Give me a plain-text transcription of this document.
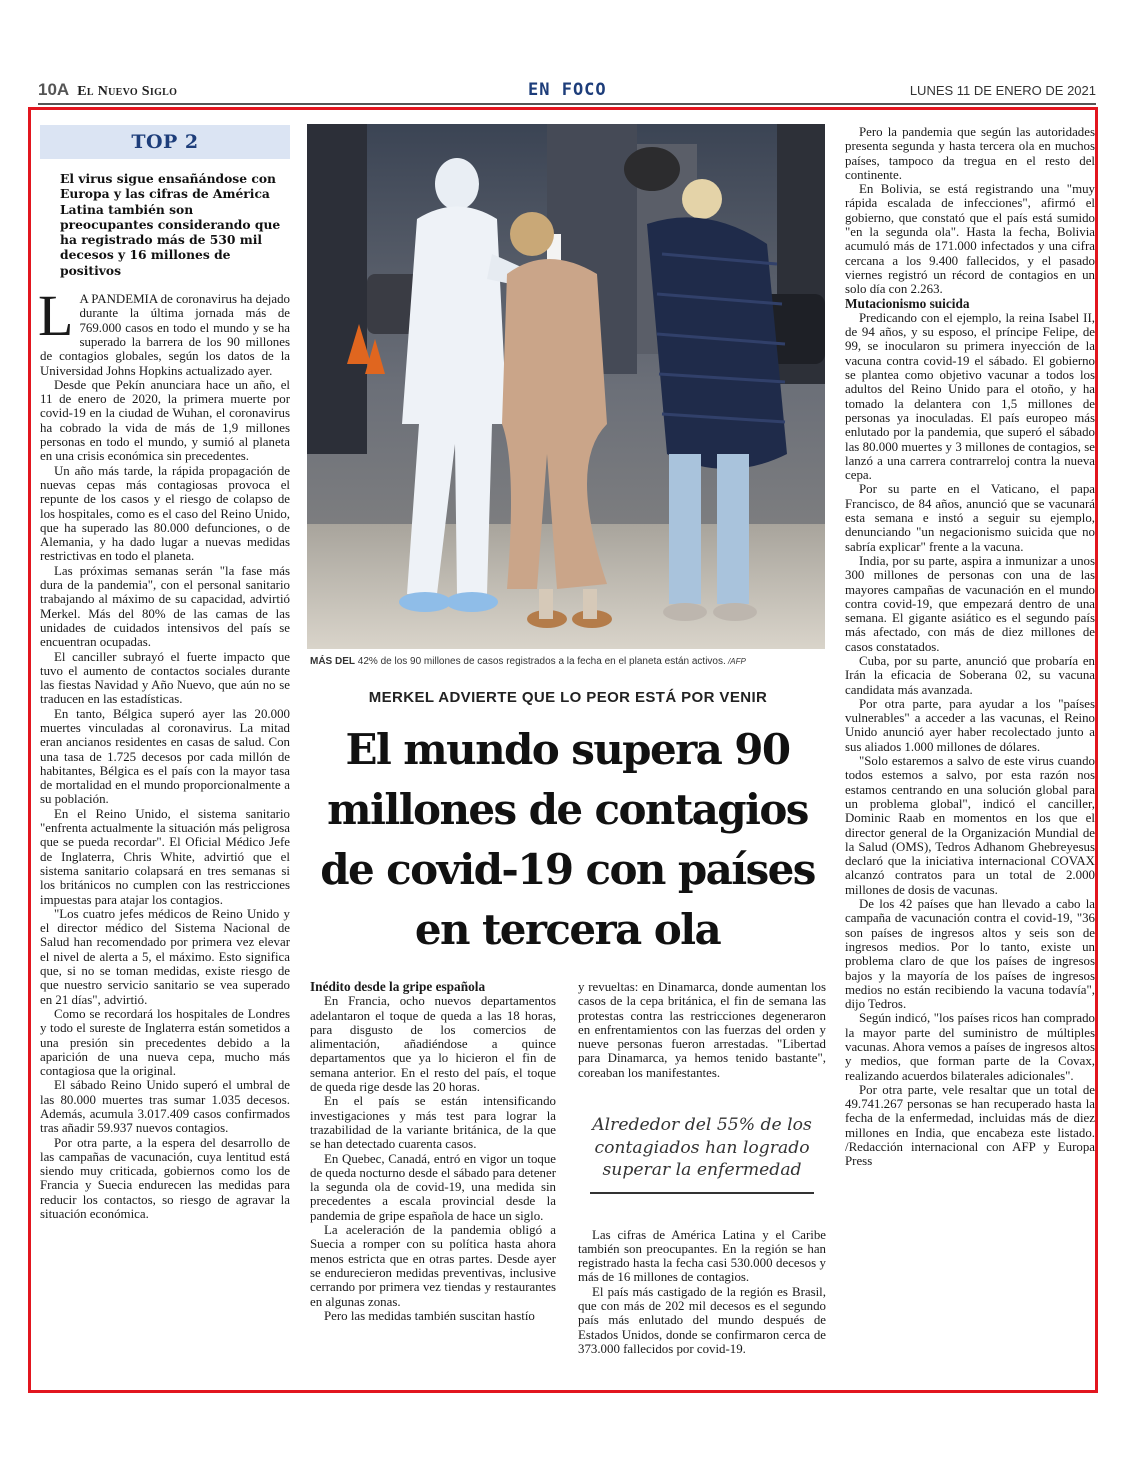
10A El Nuevo Siglo	EN FOCO	LUNES 11 DE ENERO DE 2021
TOP 2
El virus sigue ensañándose con Europa y las cifras de América Latina también son preocupantes considerando que ha registrado más de 530 mil decesos y 16 millones de positivos

L A PANDEMIA de coronavirus ha dejado durante la última jornada más de 769.000 casos en todo el mundo y se ha superado la barrera de los 90 millones de contagios globales, según los datos de la Universidad Johns Hopkins actualizado ayer.

Desde que Pekín anunciara hace un año, el 11 de enero de 2020, la primera muerte por covid-19 en la ciudad de Wuhan, el coronavirus ha cobrado la vida de más de 1,9 millones personas en todo el mundo, y sumió al planeta en una crisis económica sin precedentes.

Un año más tarde, la rápida propagación de nuevas cepas más contagiosas provoca el repunte de los casos y el riesgo de colapso de los hospitales, como es el caso del Reino Unido, que ha superado las 80.000 defunciones, o de Alemania, y ha dado lugar a nuevas medidas restrictivas en todo el planeta.

Las próximas semanas serán "la fase más dura de la pandemia", con el personal sanitario trabajando al máximo de su capacidad, advirtió Merkel. Más del 80% de las camas de las unidades de cuidados intensivos del país se encuentran ocupadas.

El canciller subrayó el fuerte impacto que tuvo el aumento de contactos sociales durante las fiestas Navidad y Año Nuevo, que aún no se traducen en las estadísticas.

En tanto, Bélgica superó ayer las 20.000 muertes vinculadas al coronavirus. La mitad eran ancianos residentes en casas de salud. Con una tasa de 1.725 decesos por cada millón de habitantes, Bélgica es el país con la mayor tasa de mortalidad en el mundo proporcionalmente a su población.

En el Reino Unido, el sistema sanitario "enfrenta actualmente la situación más peligrosa que se pueda recordar". El Oficial Médico Jefe de Inglaterra, Chris White, advirtió que el sistema sanitario colapsará en tres semanas si los británicos no cumplen con las restricciones impuestas para atajar los contagios.

"Los cuatro jefes médicos de Reino Unido y el director médico del Sistema Nacional de Salud han recomendado por primera vez elevar el nivel de alerta a 5, el máximo. Esto significa que, si no se toman medidas, existe riesgo de que nuestro servicio sanitario se vea superado en 21 días", advirtió.

Como se recordará los hospitales de Londres y todo el sureste de Inglaterra están sometidos a una presión sin precedentes debido a la aparición de una nueva cepa, mucho más contagiosa que la original.

El sábado Reino Unido superó el umbral de las 80.000 muertes tras sumar 1.035 decesos. Además, acumula 3.017.409 casos confirmados tras añadir 59.937 nuevos contagios.

Por otra parte, a la espera del desarrollo de las campañas de vacunación, cuya lentitud está siendo muy criticada, gobiernos como los de Francia y Suecia endurecen las medidas para reducir los contactos, so riesgo de agravar la situación económica.

MÁS DEL 42% de los 90 millones de casos registrados a la fecha en el planeta están activos. /AFP
MERKEL ADVIERTE QUE LO PEOR ESTÁ POR VENIR
El mundo supera 90 millones de contagios de covid-19 con países en tercera ola

Inédito desde la gripe española

En Francia, ocho nuevos departamentos adelantaron el toque de queda a las 18 horas, para disgusto de los comercios de alimentación, añadiéndose a quince departamentos que ya lo hicieron el fin de semana anterior. En el resto del país, el toque de queda rige desde las 20 horas.

En el país se están intensificando investigaciones y más test para lograr la trazabilidad de la variante británica, de la que se han detectado cuarenta casos.

En Quebec, Canadá, entró en vigor un toque de queda nocturno desde el sábado para detener la segunda ola de covid-19, una medida sin precedentes a escala provincial desde la pandemia de gripe española de hace un siglo.

La aceleración de la pandemia obligó a Suecia a romper con su política hasta ahora menos estricta que en otras partes. Desde ayer se endurecieron medidas preventivas, inclusive cerrando por primera vez tiendas y restaurantes en algunas zonas.

Pero las medidas también suscitan hastío

y revueltas: en Dinamarca, donde aumentan los casos de la cepa británica, el fin de semana las protestas contra las restricciones degeneraron en enfrentamientos con las fuerzas del orden y nueve personas fueron arrestadas. "Libertad para Dinamarca, ya hemos tenido bastante", coreaban los manifestantes.

Alrededor del 55% de los contagiados han logrado superar la enfermedad

Las cifras de América Latina y el Caribe también son preocupantes. En la región se han registrado hasta la fecha casi 530.000 decesos y más de 16 millones de contagios.

El país más castigado de la región es Brasil, que con más de 202 mil decesos es el segundo país más enlutado del mundo después de Estados Unidos, donde se confirmaron cerca de 373.000 fallecidos por covid-19.

Pero la pandemia que según las autoridades presenta segunda y hasta tercera ola en muchos países, tampoco da tregua en el resto del continente.

En Bolivia, se está registrando una "muy rápida escalada de infecciones", afirmó el gobierno, que constató que el país está sumido "en la segunda ola". Hasta la fecha, Bolivia acumuló más de 171.000 infectados y una cifra cercana a los 9.400 fallecidos, y el pasado viernes registró un récord de contagios en un solo día con 2.263.

Mutacionismo suicida

Predicando con el ejemplo, la reina Isabel II, de 94 años, y su esposo, el príncipe Felipe, de 99, se inocularon su primera inyección de la vacuna contra covid-19 el sábado. El gobierno se plantea como objetivo vacunar a todos los adultos del Reino Unido para el otoño, y ha tomado la delantera con 1,5 millones de personas ya inoculadas. El país europeo más enlutado por la pandemia, que superó el sábado las 80.000 muertes y 3 millones de contagios, se lanzó a una carrera contrarreloj contra la nueva cepa.

Por su parte en el Vaticano, el papa Francisco, de 84 años, anunció que se vacunará esta semana e instó a seguir su ejemplo, denunciando "un negacionismo suicida que no sabría explicar" frente a la vacuna.

India, por su parte, aspira a inmunizar a unos 300 millones de personas con una de las mayores campañas de vacunación en el mundo contra covid-19, que empezará dentro de una semana. El gigante asiático es el segundo país más afectado, con más de diez millones de casos constatados.

Cuba, por su parte, anunció que probaría en Irán la eficacia de Soberana 02, su vacuna candidata más avanzada.

Por otra parte, para ayudar a los "países vulnerables" a acceder a las vacunas, el Reino Unido anunció ayer haber recolectado junto a sus aliados 1.000 millones de dólares.

"Solo estaremos a salvo de este virus cuando todos estemos a salvo, por esta razón nos estamos centrando en una solución global para un problema global", indicó el canciller, Dominic Raab en momentos en los que el director general de la Organización Mundial de la Salud (OMS), Tedros Adhanom Ghebreyesus declaró que la iniciativa internacional COVAX alcanzó contratos para un total de 2.000 millones de dosis de vacunas.

De los 42 países que han llevado a cabo la campaña de vacunación contra el covid-19, "36 son países de ingresos altos y seis son de ingresos medios. Por lo tanto, existe un problema claro de que los países de ingresos bajos y la mayoría de los países de ingresos medios no están recibiendo la vacuna todavía", dijo Tedros.

Según indicó, "los países ricos han comprado la mayor parte del suministro de múltiples vacunas. Ahora vemos a países de ingresos altos y medios, que forman parte de la Covax, realizando acuerdos bilaterales adicionales".

Por otra parte, vele resaltar que un total de 49.741.267 personas se han recuperado hasta la fecha de la enfermedad, incluidas más de diez millones en India, que encabeza este listado. /Redacción internacional con AFP y Europa Press
